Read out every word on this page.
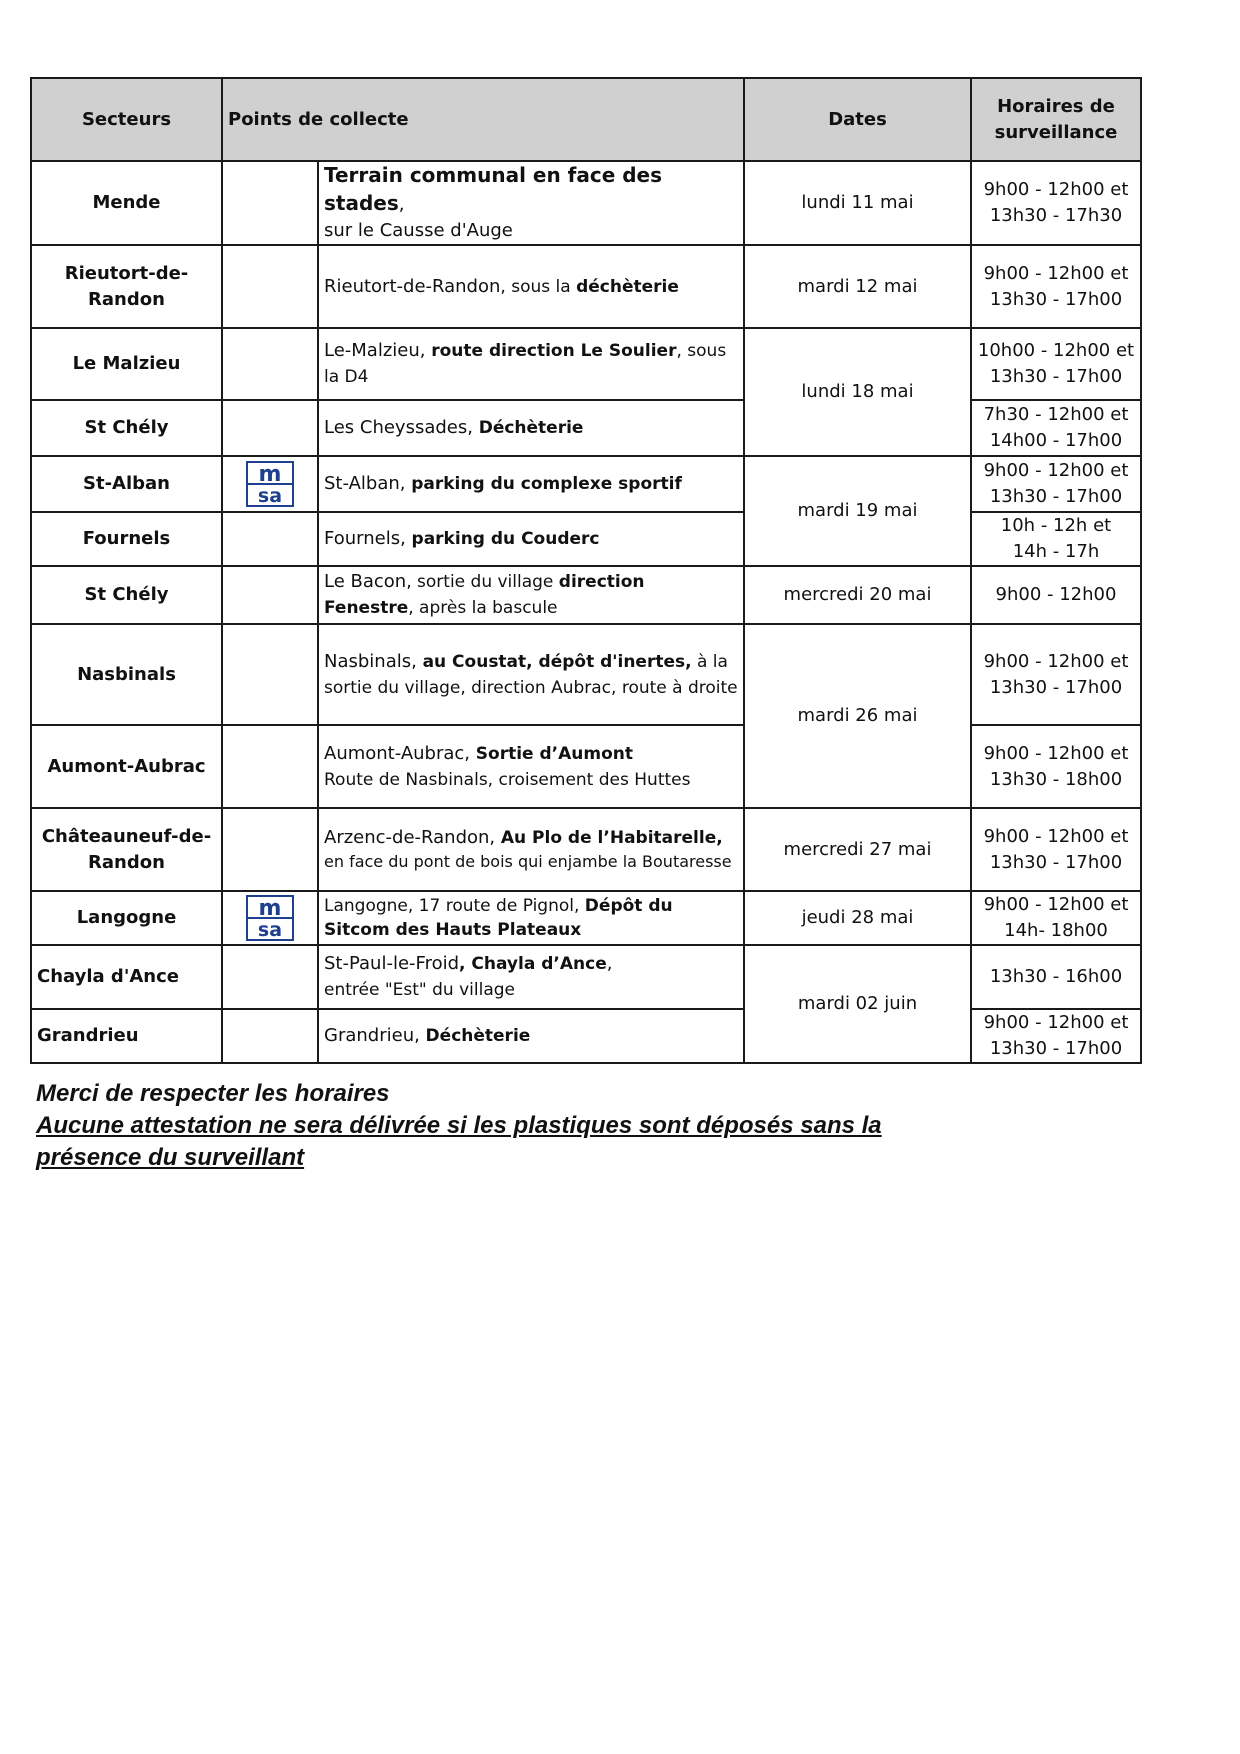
Secteurs	Points de collecte		Dates	Horaires de surveillance
Mende		Terrain communal en face des stades,
sur le Causse d'Auge	lundi 11 mai	9h00 - 12h00 et
13h30 - 17h30
Rieutort-de-Randon		Rieutort-de-Randon, sous la déchèterie	mardi 12 mai	9h00 - 12h00 et
13h30 - 17h00
Le Malzieu		Le-Malzieu, route direction Le Soulier, sous la D4	lundi 18 mai	10h00 - 12h00 et
13h30 - 17h00
St Chély		Les Cheyssades, Déchèterie		7h30 - 12h00 et
14h00 - 17h00
St-Alban	m
sa	St-Alban, parking du complexe sportif	mardi 19 mai	9h00 - 12h00 et
13h30 - 17h00
Fournels		Fournels, parking du Couderc		10h - 12h et
14h - 17h
St Chély		Le Bacon, sortie du village direction Fenestre, après la bascule	mercredi 20 mai	9h00 - 12h00
Nasbinals		Nasbinals, au Coustat, dépôt d'inertes, à la sortie du village, direction Aubrac, route à droite	mardi 26 mai	9h00 - 12h00 et
13h30 - 17h00
Aumont-Aubrac		Aumont-Aubrac, Sortie d’Aumont
Route de Nasbinals, croisement des Huttes		9h00 - 12h00 et
13h30 - 18h00
Châteauneuf-de-Randon		Arzenc-de-Randon, Au Plo de l’Habitarelle, en face du pont de bois qui enjambe la Boutaresse	mercredi 27 mai	9h00 - 12h00 et
13h30 - 17h00
Langogne	m
sa	Langogne, 17 route de Pignol, Dépôt du Sitcom des Hauts Plateaux	jeudi 28 mai	9h00 - 12h00 et
14h- 18h00
Chayla d'Ance		St-Paul-le-Froid, Chayla d’Ance,
entrée "Est" du village	mardi 02 juin	13h30 - 16h00
Grandrieu		Grandrieu, Déchèterie		9h00 - 12h00 et
13h30 - 17h00
Merci de respecter les horaires
Aucune attestation ne sera délivrée si les plastiques sont déposés sans la
présence du surveillant
